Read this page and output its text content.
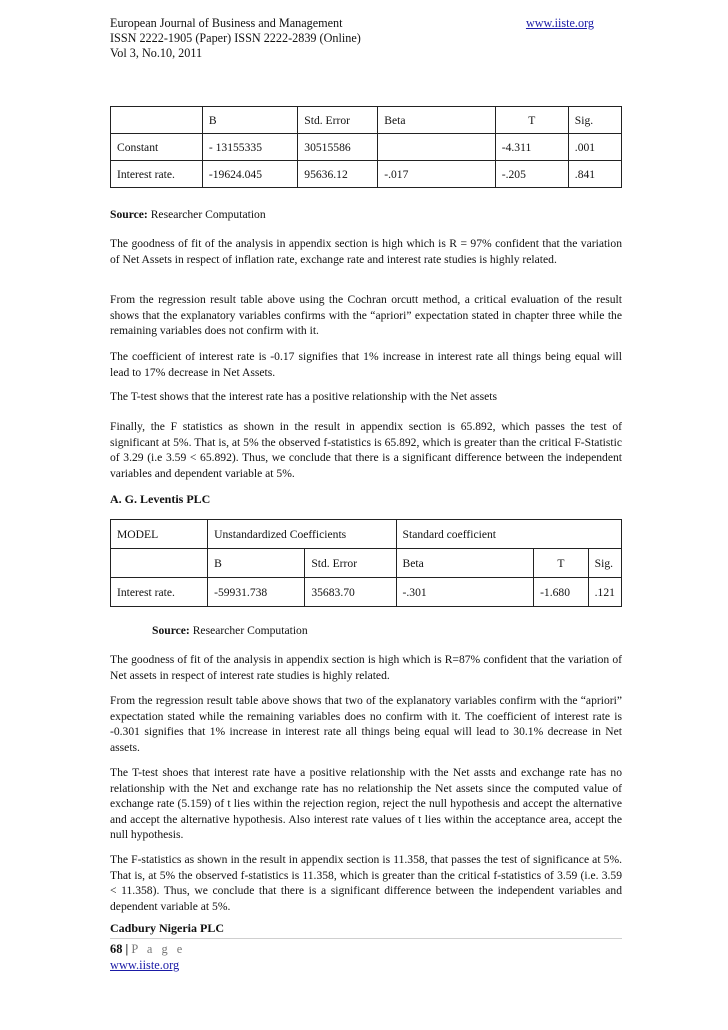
European Journal of Business and Management	www.iiste.org
ISSN 2222-1905 (Paper) ISSN 2222-2839 (Online)
Vol 3, No.10, 2011
	B	Std. Error	Beta	T	Sig.
Constant	- 13155335	30515586		-4.311	.001
Interest rate.	-19624.045	95636.12	-.017	-.205	.841
Source: Researcher Computation
The goodness of fit of the analysis in appendix section is high which is R = 97% confident that the variation of Net Assets in respect of inflation rate, exchange rate and interest rate studies is highly related.
From the regression result table above using the Cochran orcutt method, a critical evaluation of the result shows that the explanatory variables confirms with the “apriori” expectation stated in chapter three while the remaining variables does not confirm with it.
The coefficient of interest rate is -0.17 signifies that 1% increase in interest rate all things being equal will lead to 17% decrease in Net Assets.
The T-test shows that the interest rate has a positive relationship with the Net assets
Finally, the F statistics as shown in the result in appendix section is 65.892, which passes the test of significant at 5%. That is, at 5% the observed f-statistics is 65.892, which is greater than the critical F-Statistic of 3.29 (i.e 3.59 < 65.892). Thus, we conclude that there is a significant difference between the independent variables and dependent variable at 5%.
A. G. Leventis PLC
MODEL	Unstandardized Coefficients		Standard coefficient		
	B	Std. Error	Beta	T	Sig.
Interest rate.	-59931.738	35683.70	-.301	-1.680	.121
Source: Researcher Computation
The goodness of fit of the analysis in appendix section is high which is R=87% confident that the variation of Net assets in respect of interest rate studies is highly related.
From the regression result table above shows that two of the explanatory variables confirm with the “apriori” expectation stated while the remaining variables does no confirm with it. The coefficient of interest rate is -0.301 signifies that 1% increase in interest rate all things being equal will lead to 30.1% decrease in Net assets.
The T-test shoes that interest rate have a positive relationship with the Net assts and exchange rate has no relationship with the Net and exchange rate has no relationship the Net assets since the computed value of exchange rate (5.159) of t lies within the rejection region, reject the null hypothesis and accept the alternative and accept the alternative hypothesis. Also interest rate values of t lies within the acceptance area, accept the null hypothesis.
The F-statistics as shown in the result in appendix section is 11.358, that passes the test of significance at 5%. That is, at 5% the observed f-statistics is 11.358, which is greater than the critical f-statistics of 3.59 (i.e. 3.59 < 11.358). Thus, we conclude that there is a significant difference between the independent variables and dependent variable at 5%.
Cadbury Nigeria PLC
68 | P a g e
www.iiste.org
